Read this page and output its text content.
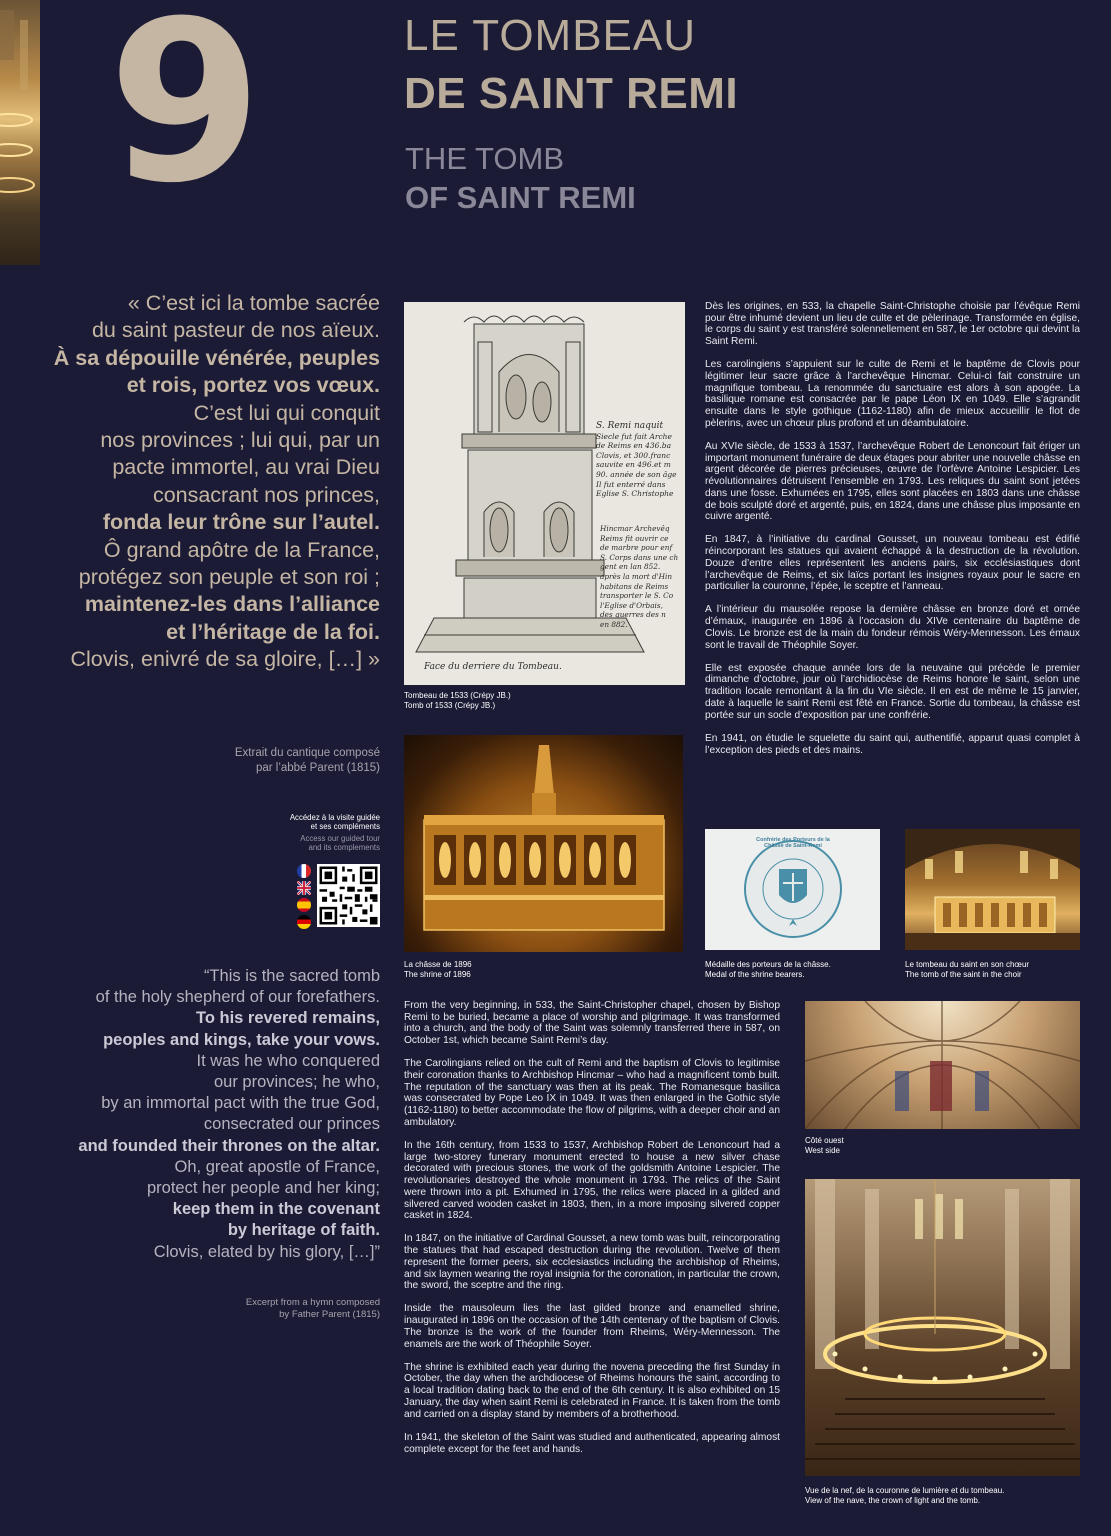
9	LE TOMBEAU
DE SAINT REMI
THE TOMB
OF SAINT REMI
« C’est ici la tombe sacrée
du saint pasteur de nos aïeux.
À sa dépouille vénérée, peuples
et rois, portez vos vœux.
C’est lui qui conquit
nos provinces ; lui qui, par un
pacte immortel, au vrai Dieu
consacrant nos princes,
fonda leur trône sur l’autel.
Ô grand apôtre de la France,
protégez son peuple et son roi ;
maintenez-les dans l’alliance
et l’héritage de la foi.
Clovis, enivré de sa gloire, […] »
Extrait du cantique composé
par l’abbé Parent (1815)
Accédez à la visite guidée
et ses compléments
Access our guided tour
and its complements
“This is the sacred tomb
of the holy shepherd of our forefathers.
To his revered remains,
peoples and kings, take your vows.
It was he who conquered
our provinces; he who,
by an immortal pact with the true God,
consecrated our princes
and founded their thrones on the altar.
Oh, great apostle of France,
protect her people and her king;
keep them in the covenant
by heritage of faith.
Clovis, elated by his glory, […]”
Excerpt from a hymn composed
by Father Parent (1815)
S. Remi naquit
Siecle fut fait Arche
de Reims en 436.ba
Clovis, et 300.franc
sauvite en 496.et m
90. année de son âge
Il fut enterré dans
Eglise S. Christophe
Hincmar Archevêq
Reims fit ouvrir ce
de marbre pour enf
S. Corps dans une ch
gent en lan 852.
après la mort d'Hin
habitans de Reims
transporter le S. Co
l'Eglise d'Orbais,
des guerres des n
en 882.
Face du derriere du Tombeau.
Tombeau de 1533 (Crépy JB.)
Tomb of 1533 (Crépy JB.)
La châsse de 1896
The shrine of 1896
Confrérie des Porteurs de la Châsse de Saint-Remi
Médaille des porteurs de la châsse.
Medal of the shrine bearers.
Le tombeau du saint en son chœur
The tomb of the saint in the choir
Côté ouest
West side
Vue de la nef, de la couronne de lumière et du tombeau.
View of the nave, the crown of light and the tomb.

Dès les origines, en 533, la chapelle Saint-Christophe choisie par l’évêque Remi pour être inhumé devient un lieu de culte et de pèlerinage. Transformée en église, le corps du saint y est transféré solennellement en 587, le 1er octobre qui devint la Saint Remi.

Les carolingiens s’appuient sur le culte de Remi et le baptême de Clovis pour légitimer leur sacre grâce à l’archevêque Hincmar. Celui-ci fait construire un magnifique tombeau. La renommée du sanctuaire est alors à son apogée. La basilique romane est consacrée par le pape Léon IX en 1049. Elle s’agrandit ensuite dans le style gothique (1162-1180) afin de mieux accueillir le flot de pèlerins, avec un chœur plus profond et un déambulatoire.

Au XVIe siècle, de 1533 à 1537, l’archevêque Robert de Lenoncourt fait ériger un important monument funéraire de deux étages pour abriter une nouvelle châsse en argent décorée de pierres précieuses, œuvre de l’orfèvre Antoine Lespicier. Les révolutionnaires détruisent l’ensemble en 1793. Les reliques du saint sont jetées dans une fosse. Exhumées en 1795, elles sont placées en 1803 dans une châsse de bois sculpté doré et argenté, puis, en 1824, dans une châsse plus imposante en cuivre argenté.

En 1847, à l’initiative du cardinal Gousset, un nouveau tombeau est édifié réincorporant les statues qui avaient échappé à la destruction de la révolution. Douze d’entre elles représentent les anciens pairs, six ecclésiastiques dont l’archevêque de Reims, et six laïcs portant les insignes royaux pour le sacre en particulier la couronne, l’épée, le sceptre et l’anneau.

A l’intérieur du mausolée repose la dernière châsse en bronze doré et ornée d’émaux, inaugurée en 1896 à l’occasion du XIVe centenaire du baptême de Clovis. Le bronze est de la main du fondeur rémois Wéry-Mennesson. Les émaux sont le travail de Théophile Soyer.

Elle est exposée chaque année lors de la neuvaine qui précède le premier dimanche d’octobre, jour où l’archidiocèse de Reims honore le saint, selon une tradition locale remontant à la fin du VIe siècle. Il en est de même le 15 janvier, date à laquelle le saint Remi est fêté en France. Sortie du tombeau, la châsse est portée sur un socle d’exposition par une confrérie.

En 1941, on étudie le squelette du saint qui, authentifié, apparut quasi complet à l’exception des pieds et des mains.

From the very beginning, in 533, the Saint-Christopher chapel, chosen by Bishop Remi to be buried, became a place of worship and pilgrimage. It was transformed into a church, and the body of the Saint was solemnly transferred there in 587, on October 1st, which became Saint Remi’s day.

The Carolingians relied on the cult of Remi and the baptism of Clovis to legitimise their coronation thanks to Archbishop Hincmar – who had a magnificent tomb built. The reputation of the sanctuary was then at its peak. The Romanesque basilica was consecrated by Pope Leo IX in 1049. It was then enlarged in the Gothic style (1162-1180) to better accommodate the flow of pilgrims, with a deeper choir and an ambulatory.

In the 16th century, from 1533 to 1537, Archbishop Robert de Lenoncourt had a large two-storey funerary monument erected to house a new silver chase decorated with precious stones, the work of the goldsmith Antoine Lespicier. The revolutionaries destroyed the whole monument in 1793. The relics of the Saint were thrown into a pit. Exhumed in 1795, the relics were placed in a gilded and silvered carved wooden casket in 1803, then, in a more imposing silvered copper casket in 1824.

In 1847, on the initiative of Cardinal Gousset, a new tomb was built, reincorporating the statues that had escaped destruction during the revolution. Twelve of them represent the former peers, six ecclesiastics including the archbishop of Rheims, and six laymen wearing the royal insignia for the coronation, in particular the crown, the sword, the sceptre and the ring.

Inside the mausoleum lies the last gilded bronze and enamelled shrine, inaugurated in 1896 on the occasion of the 14th centenary of the baptism of Clovis. The bronze is the work of the founder from Rheims, Wéry-Mennesson. The enamels are the work of Théophile Soyer.

The shrine is exhibited each year during the novena preceding the first Sunday in October, the day when the archdiocese of Rheims honours the saint, according to a local tradition dating back to the end of the 6th century. It is also exhibited on 15 January, the day when saint Remi is celebrated in France. It is taken from the tomb and carried on a display stand by members of a brotherhood.

In 1941, the skeleton of the Saint was studied and authenticated, appearing almost complete except for the feet and hands.
